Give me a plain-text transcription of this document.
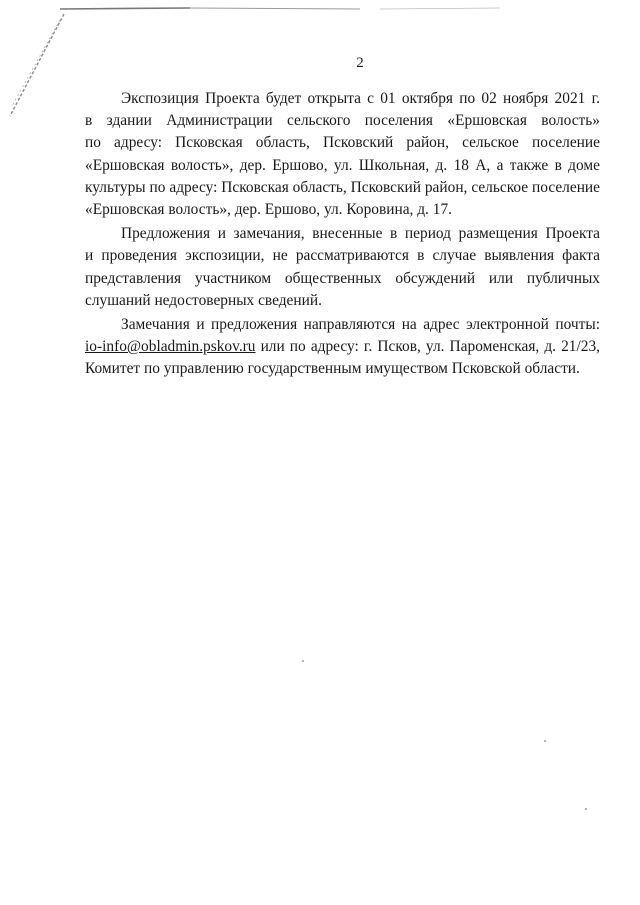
2

Экспозиция Проекта будет открыта с 01 октября по 02 ноября 2021 г.
в здании Администрации сельского поселения «Ершовская волость»
по адресу: Псковская область, Псковский район, сельское поселение
«Ершовская волость», дер. Ершово, ул. Школьная, д. 18 А, а также в доме
культуры по адресу: Псковская область, Псковский район, сельское поселение
«Ершовская волость», дер. Ершово, ул. Коровина, д. 17.

Предложения и замечания, внесенные в период размещения Проекта
и проведения экспозиции, не рассматриваются в случае выявления факта
представления участником общественных обсуждений или публичных
слушаний недостоверных сведений.

Замечания и предложения направляются на адрес электронной почты:
io-info@obladmin.pskov.ru или по адресу: г. Псков, ул. Пароменская, д. 21/23,
Комитет по управлению государственным имуществом Псковской области.
